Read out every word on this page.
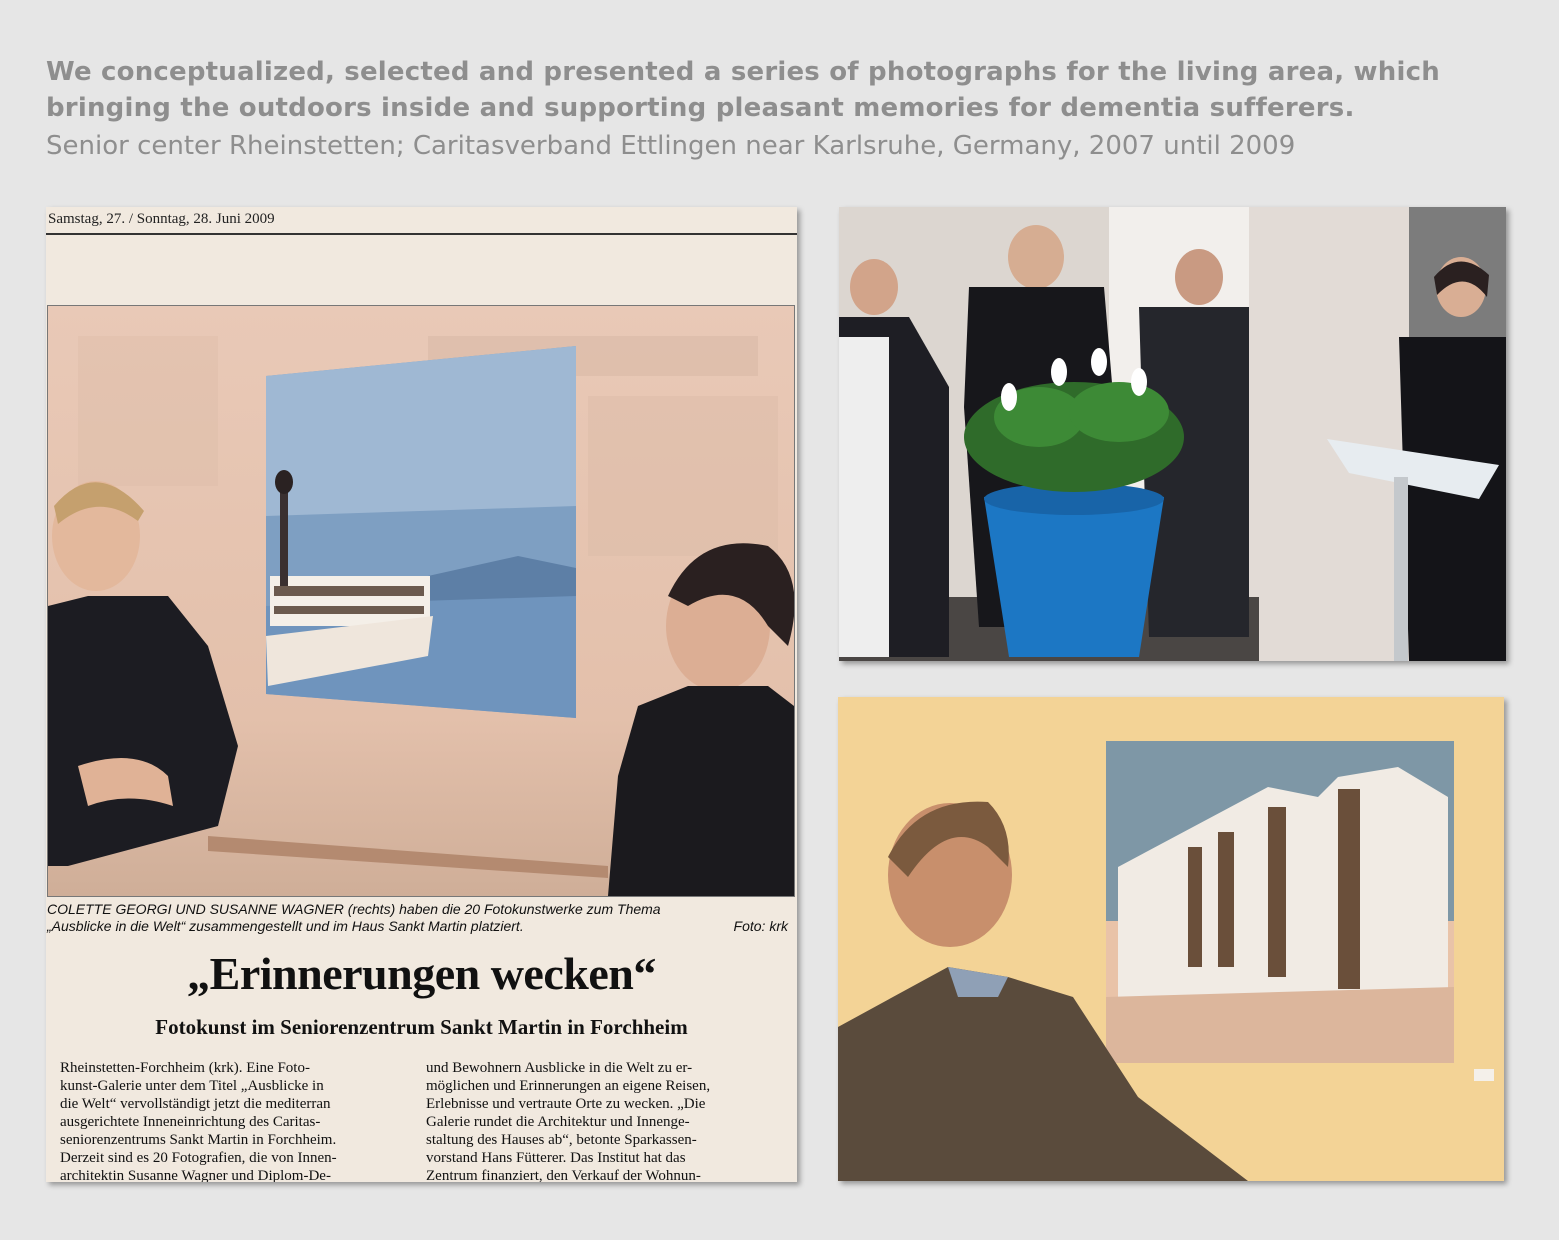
We conceptualized, selected and presented a series of photographs for the living area, which
bringing the outdoors inside and supporting pleasant memories for dementia sufferers.
Senior center Rheinstetten; Caritasverband Ettlingen near Karlsruhe, Germany, 2007 until 2009
Samstag, 27. / Sonntag, 28. Juni 2009
COLETTE GEORGI UND SUSANNE WAGNER (rechts) haben die 20 Fotokunstwerke zum Thema
„Ausblicke in die Welt“ zusammengestellt und im Haus Sankt Martin platziert.	Foto: krk
„Erinnerungen wecken“
Fotokunst im Seniorenzentrum Sankt Martin in Forchheim
Rheinstetten-Forchheim (krk). Eine Foto-
kunst-Galerie unter dem Titel „Ausblicke in
die Welt“ vervollständigt jetzt die mediterran
ausgerichtete Inneneinrichtung des Caritas-
seniorenzentrums Sankt Martin in Forchheim.
Derzeit sind es 20 Fotografien, die von Innen-
architektin Susanne Wagner und Diplom-De-
und Bewohnern Ausblicke in die Welt zu er-
möglichen und Erinnerungen an eigene Reisen,
Erlebnisse und vertraute Orte zu wecken. „Die
Galerie rundet die Architektur und Innenge-
staltung des Hauses ab“, betonte Sparkassen-
vorstand Hans Fütterer. Das Institut hat das
Zentrum finanziert, den Verkauf der Wohnun-
